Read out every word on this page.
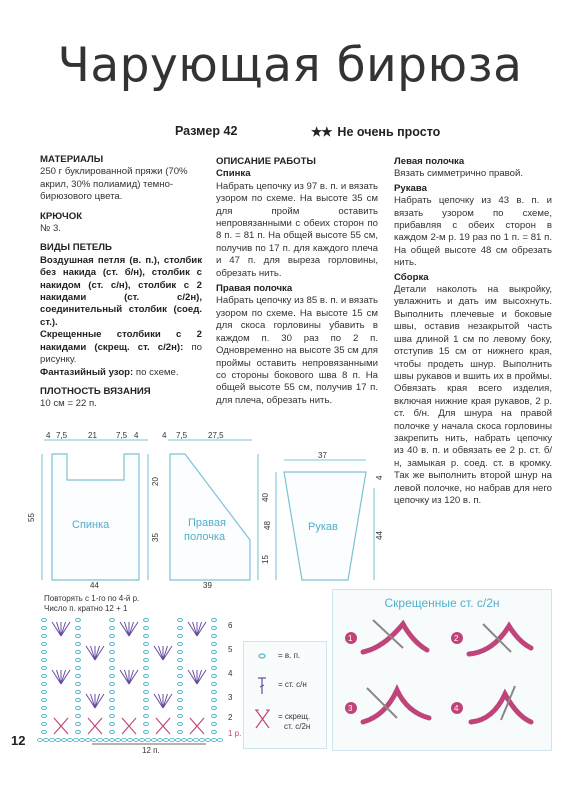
Чарующая бирюза
Размер 42	★★ Не очень просто

МАТЕРИАЛЫ

250 г буклированной пряжи (70% акрил, 30% полиамид) темно-бирюзового цвета.

КРЮЧОК

№ 3.

ВИДЫ ПЕТЕЛЬ

Воздушная петля (в. п.), столбик без накида (ст. б/н), столбик с накидом (ст. с/н), столбик с 2 накидами (ст. с/2н), соединительный столбик (соед. ст.).

Скрещенные столбики с 2 накидами (скрещ. ст. с/2н): по рисунку.

Фантазийный узор: по схеме.

ПЛОТНОСТЬ ВЯЗАНИЯ

10 см = 22 п.

ОПИСАНИЕ РАБОТЫ

Спинка

Набрать цепочку из 97 в. п. и вязать узором по схеме. На высоте 35 см для пройм оставить непровязанными с обеих сторон по 8 п. = 81 п. На общей высоте 55 см, получив по 17 п. для каждого плеча и 47 п. для выреза горловины, обрезать нить.

Правая полочка

Набрать цепочку из 85 в. п. и вязать узором по схеме. На высоте 15 см для скоса горловины убавить в каждом п. 30 раз по 2 п. Одновременно на высоте 35 см для проймы оставить непровязанными со стороны бокового шва 8 п. На общей высоте 55 см, получив 17 п. для плеча, обрезать нить.

Левая полочка

Вязать симметрично правой.

Рукава

Набрать цепочку из 43 в. п. и вязать узором по схеме, прибавляя с обеих сторон в каждом 2-м р. 19 раз по 1 п. = 81 п. На общей высоте 48 см обрезать нить.

Сборка

Детали наколоть на выкройку, увлажнить и дать им высохнуть. Выполнить плечевые и боковые швы, оставив незакрытой часть шва длиной 1 см по левому боку, отступив 15 см от нижнего края, чтобы продеть шнур. Выполнить швы рукавов и вшить их в проймы. Обвязать края всего изделия, включая нижние края рукавов, 2 р. ст. б/н. Для шнура на правой полочке у начала скоса горловины закрепить нить, набрать цепочку из 40 в. п. и обвязать ее 2 р. ст. б/н, замыкая р. соед. ст. в кромку. Так же выполнить второй шнур на левой полочке, но набрав для него цепочку из 120 в. п.

4 7,5	21 7,5 4
55
20
35
44
Спинка
4 7,5	27,5
40
15
39
Правая
полочка
37
4
48
44
Рукав
Повторять с 1-го по 4-й р.
Число п. кратно 12 + 1
6
5
4
3
2
1 р.
12 п.
= в. п.
= ст. с/н
= скрещ.
ст. с/2н
Скрещенные ст. с/2н
1	2
3	4
12
